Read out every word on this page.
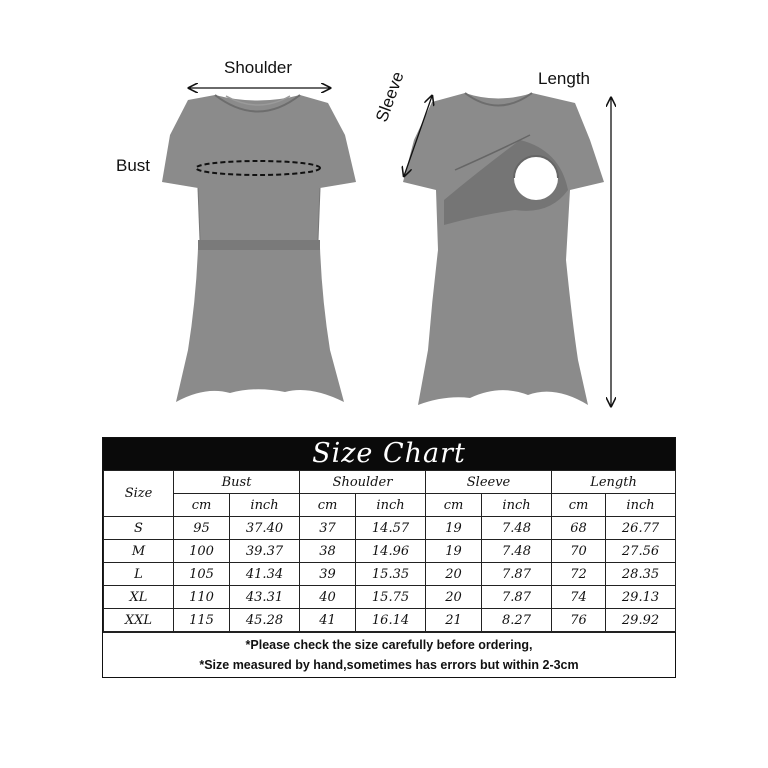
Shoulder
Bust
Length
Sleeve
Size Chart
Size	Bust		Shoulder		Sleeve		Length	
	cm	inch	cm	inch	cm	inch	cm	inch
S	95	37.40	37	14.57	19	7.48	68	26.77
M	100	39.37	38	14.96	19	7.48	70	27.56
L	105	41.34	39	15.35	20	7.87	72	28.35
XL	110	43.31	40	15.75	20	7.87	74	29.13
XXL	115	45.28	41	16.14	21	8.27	76	29.92
*Please check the size carefully before ordering,
*Size measured by hand,sometimes has errors but within 2-3cm
